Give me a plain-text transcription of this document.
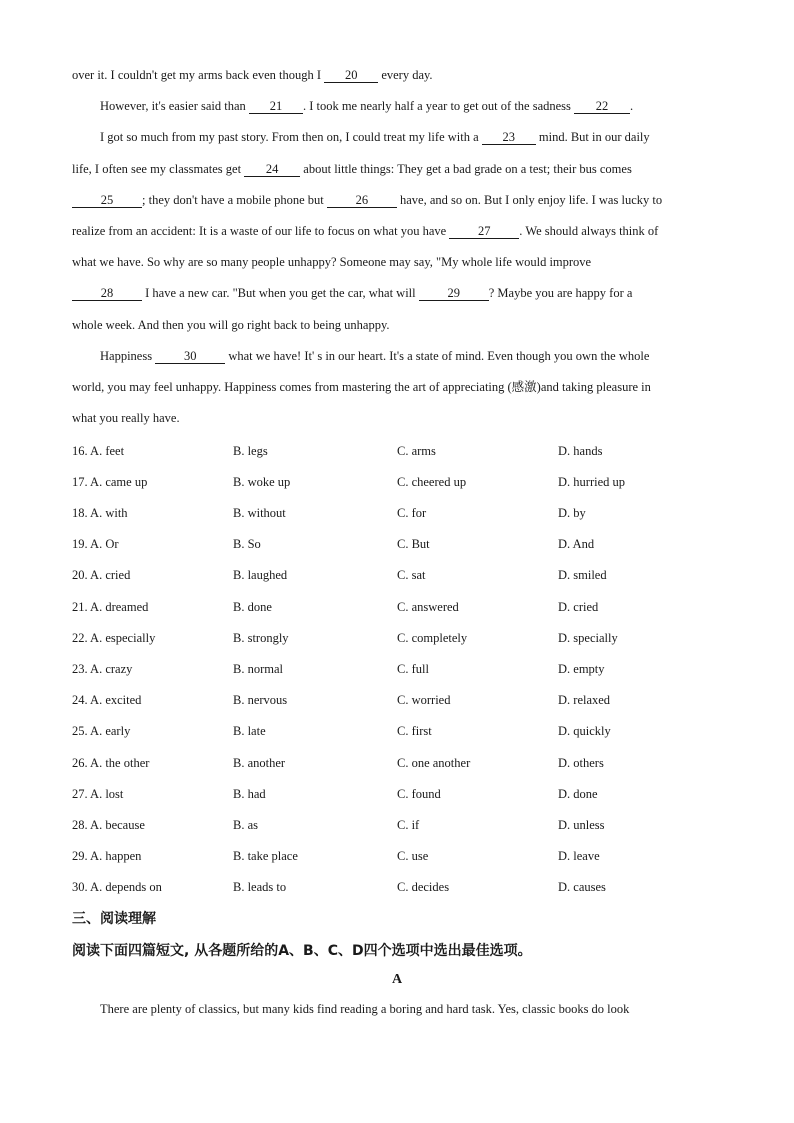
over it. I couldn't get my arms back even though I 20 every day.
However, it's easier said than 21 . I took me nearly half a year to get out of the sadness 22 .
I got so much from my past story. From then on, I could treat my life with a 23 mind. But in our daily
life, I often see my classmates get 24 about little things: They get a bad grade on a test; their bus comes
25 ; they don't have a mobile phone but 26 have, and so on. But I only enjoy life. I was lucky to
realize from an accident: It is a waste of our life to focus on what you have 27 . We should always think of
what we have. So why are so many people unhappy? Someone may say, "My whole life would improve
28 I have a new car. "But when you get the car, what will 29 ? Maybe you are happy for a
whole week. And then you will go right back to being unhappy.
Happiness 30 what we have! It' s in our heart. It's a state of mind. Even though you own the whole
world, you may feel unhappy. Happiness comes from mastering the art of appreciating (感激)and taking pleasure in
what you really have.
16. A. feet	B. legs	C. arms	D. hands
17. A. came up	B. woke up	C. cheered up	D. hurried up
18. A. with	B. without	C. for	D. by
19. A. Or	B. So	C. But	D. And
20. A. cried	B. laughed	C. sat	D. smiled
21. A. dreamed	B. done	C. answered	D. cried
22. A. especially	B. strongly	C. completely	D. specially
23. A. crazy	B. normal	C. full	D. empty
24. A. excited	B. nervous	C. worried	D. relaxed
25. A. early	B. late	C. first	D. quickly
26. A. the other	B. another	C. one another	D. others
27. A. lost	B. had	C. found	D. done
28. A. because	B. as	C. if	D. unless
29. A. happen	B. take place	C. use	D. leave
30. A. depends on	B. leads to	C. decides	D. causes
三、阅读理解
阅读下面四篇短文, 从各题所给的A、B、C、D四个选项中选出最佳选项。
A
There are plenty of classics, but many kids find reading a boring and hard task. Yes, classic books do look
